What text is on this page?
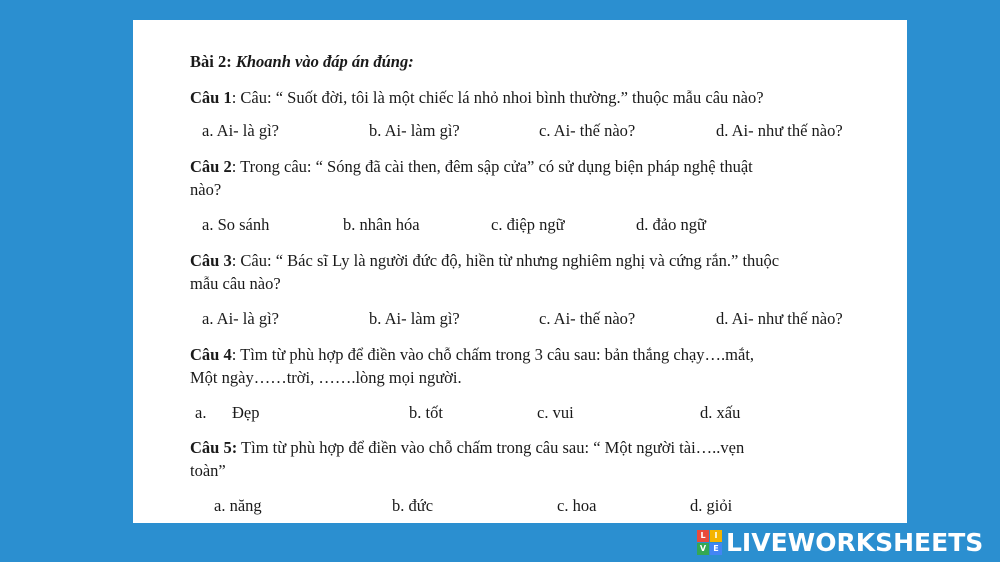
Bài 2: Khoanh vào đáp án đúng:
Câu 1: Câu: “ Suốt đời, tôi là một chiếc lá nhỏ nhoi bình thường.” thuộc mẫu câu nào?
a. Ai- là gì?	b. Ai- làm gì?	c. Ai- thế nào?	d. Ai- như thế nào?
Câu 2: Trong câu: “ Sóng đã cài then, đêm sập cửa” có sử dụng biện pháp nghệ thuật
nào?
a. So sánh	b. nhân hóa	c. điệp ngữ	d. đảo ngữ
Câu 3: Câu: “ Bác sĩ Ly là người đức độ, hiền từ nhưng nghiêm nghị và cứng rắn.” thuộc
mẫu câu nào?
a. Ai- là gì?	b. Ai- làm gì?	c. Ai- thế nào?	d. Ai- như thế nào?
Câu 4: Tìm từ phù hợp để điền vào chỗ chấm trong 3 câu sau: bản thắng chạy….mắt,
Một ngày……trời, …….lòng mọi người.
a. Đẹp	b. tốt	c. vui	d. xấu
Câu 5: Tìm từ phù hợp để điền vào chỗ chấm trong câu sau: “ Một người tài…..vẹn
toàn”
a. năng	b. đức	c. hoa	d. giỏi
L	I
V E LIVEWORKSHEETS
